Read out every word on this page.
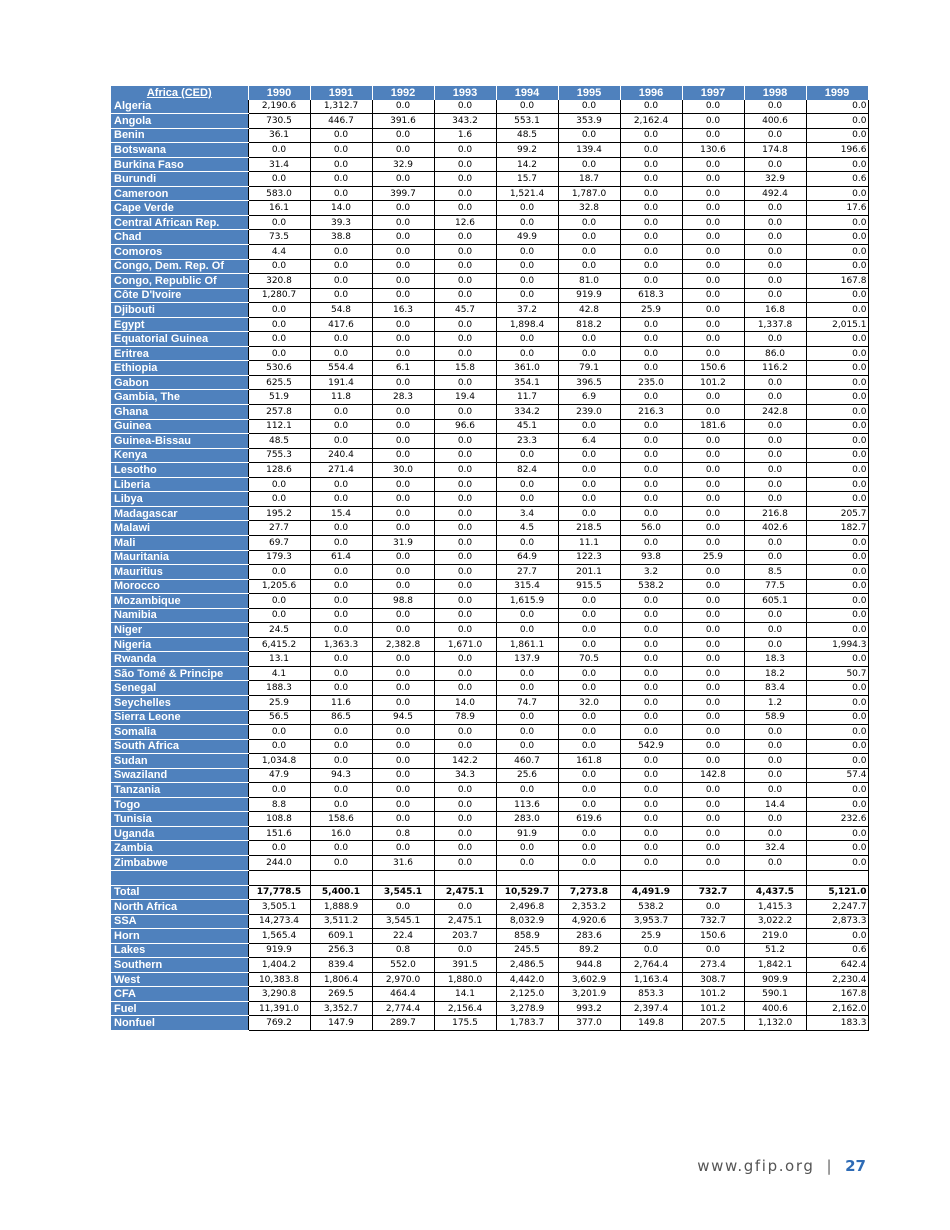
Africa (CED)	1990	1991	1992	1993	1994	1995	1996	1997	1998	1999
Algeria	2,190.6	1,312.7	0.0	0.0	0.0	0.0	0.0	0.0	0.0	0.0
Angola	730.5	446.7	391.6	343.2	553.1	353.9	2,162.4	0.0	400.6	0.0
Benin	36.1	0.0	0.0	1.6	48.5	0.0	0.0	0.0	0.0	0.0
Botswana	0.0	0.0	0.0	0.0	99.2	139.4	0.0	130.6	174.8	196.6
Burkina Faso	31.4	0.0	32.9	0.0	14.2	0.0	0.0	0.0	0.0	0.0
Burundi	0.0	0.0	0.0	0.0	15.7	18.7	0.0	0.0	32.9	0.6
Cameroon	583.0	0.0	399.7	0.0	1,521.4	1,787.0	0.0	0.0	492.4	0.0
Cape Verde	16.1	14.0	0.0	0.0	0.0	32.8	0.0	0.0	0.0	17.6
Central African Rep.	0.0	39.3	0.0	12.6	0.0	0.0	0.0	0.0	0.0	0.0
Chad	73.5	38.8	0.0	0.0	49.9	0.0	0.0	0.0	0.0	0.0
Comoros	4.4	0.0	0.0	0.0	0.0	0.0	0.0	0.0	0.0	0.0
Congo, Dem. Rep. Of	0.0	0.0	0.0	0.0	0.0	0.0	0.0	0.0	0.0	0.0
Congo, Republic Of	320.8	0.0	0.0	0.0	0.0	81.0	0.0	0.0	0.0	167.8
Côte D'Ivoire	1,280.7	0.0	0.0	0.0	0.0	919.9	618.3	0.0	0.0	0.0
Djibouti	0.0	54.8	16.3	45.7	37.2	42.8	25.9	0.0	16.8	0.0
Egypt	0.0	417.6	0.0	0.0	1,898.4	818.2	0.0	0.0	1,337.8	2,015.1
Equatorial Guinea	0.0	0.0	0.0	0.0	0.0	0.0	0.0	0.0	0.0	0.0
Eritrea	0.0	0.0	0.0	0.0	0.0	0.0	0.0	0.0	86.0	0.0
Ethiopia	530.6	554.4	6.1	15.8	361.0	79.1	0.0	150.6	116.2	0.0
Gabon	625.5	191.4	0.0	0.0	354.1	396.5	235.0	101.2	0.0	0.0
Gambia, The	51.9	11.8	28.3	19.4	11.7	6.9	0.0	0.0	0.0	0.0
Ghana	257.8	0.0	0.0	0.0	334.2	239.0	216.3	0.0	242.8	0.0
Guinea	112.1	0.0	0.0	96.6	45.1	0.0	0.0	181.6	0.0	0.0
Guinea-Bissau	48.5	0.0	0.0	0.0	23.3	6.4	0.0	0.0	0.0	0.0
Kenya	755.3	240.4	0.0	0.0	0.0	0.0	0.0	0.0	0.0	0.0
Lesotho	128.6	271.4	30.0	0.0	82.4	0.0	0.0	0.0	0.0	0.0
Liberia	0.0	0.0	0.0	0.0	0.0	0.0	0.0	0.0	0.0	0.0
Libya	0.0	0.0	0.0	0.0	0.0	0.0	0.0	0.0	0.0	0.0
Madagascar	195.2	15.4	0.0	0.0	3.4	0.0	0.0	0.0	216.8	205.7
Malawi	27.7	0.0	0.0	0.0	4.5	218.5	56.0	0.0	402.6	182.7
Mali	69.7	0.0	31.9	0.0	0.0	11.1	0.0	0.0	0.0	0.0
Mauritania	179.3	61.4	0.0	0.0	64.9	122.3	93.8	25.9	0.0	0.0
Mauritius	0.0	0.0	0.0	0.0	27.7	201.1	3.2	0.0	8.5	0.0
Morocco	1,205.6	0.0	0.0	0.0	315.4	915.5	538.2	0.0	77.5	0.0
Mozambique	0.0	0.0	98.8	0.0	1,615.9	0.0	0.0	0.0	605.1	0.0
Namibia	0.0	0.0	0.0	0.0	0.0	0.0	0.0	0.0	0.0	0.0
Niger	24.5	0.0	0.0	0.0	0.0	0.0	0.0	0.0	0.0	0.0
Nigeria	6,415.2	1,363.3	2,382.8	1,671.0	1,861.1	0.0	0.0	0.0	0.0	1,994.3
Rwanda	13.1	0.0	0.0	0.0	137.9	70.5	0.0	0.0	18.3	0.0
São Tomé & Principe	4.1	0.0	0.0	0.0	0.0	0.0	0.0	0.0	18.2	50.7
Senegal	188.3	0.0	0.0	0.0	0.0	0.0	0.0	0.0	83.4	0.0
Seychelles	25.9	11.6	0.0	14.0	74.7	32.0	0.0	0.0	1.2	0.0
Sierra Leone	56.5	86.5	94.5	78.9	0.0	0.0	0.0	0.0	58.9	0.0
Somalia	0.0	0.0	0.0	0.0	0.0	0.0	0.0	0.0	0.0	0.0
South Africa	0.0	0.0	0.0	0.0	0.0	0.0	542.9	0.0	0.0	0.0
Sudan	1,034.8	0.0	0.0	142.2	460.7	161.8	0.0	0.0	0.0	0.0
Swaziland	47.9	94.3	0.0	34.3	25.6	0.0	0.0	142.8	0.0	57.4
Tanzania	0.0	0.0	0.0	0.0	0.0	0.0	0.0	0.0	0.0	0.0
Togo	8.8	0.0	0.0	0.0	113.6	0.0	0.0	0.0	14.4	0.0
Tunisia	108.8	158.6	0.0	0.0	283.0	619.6	0.0	0.0	0.0	232.6
Uganda	151.6	16.0	0.8	0.0	91.9	0.0	0.0	0.0	0.0	0.0
Zambia	0.0	0.0	0.0	0.0	0.0	0.0	0.0	0.0	32.4	0.0
Zimbabwe	244.0	0.0	31.6	0.0	0.0	0.0	0.0	0.0	0.0	0.0

Total	17,778.5	5,400.1	3,545.1	2,475.1	10,529.7	7,273.8	4,491.9	732.7	4,437.5	5,121.0
North Africa	3,505.1	1,888.9	0.0	0.0	2,496.8	2,353.2	538.2	0.0	1,415.3	2,247.7
SSA	14,273.4	3,511.2	3,545.1	2,475.1	8,032.9	4,920.6	3,953.7	732.7	3,022.2	2,873.3
Horn	1,565.4	609.1	22.4	203.7	858.9	283.6	25.9	150.6	219.0	0.0
Lakes	919.9	256.3	0.8	0.0	245.5	89.2	0.0	0.0	51.2	0.6
Southern	1,404.2	839.4	552.0	391.5	2,486.5	944.8	2,764.4	273.4	1,842.1	642.4
West	10,383.8	1,806.4	2,970.0	1,880.0	4,442.0	3,602.9	1,163.4	308.7	909.9	2,230.4
CFA	3,290.8	269.5	464.4	14.1	2,125.0	3,201.9	853.3	101.2	590.1	167.8
Fuel	11,391.0	3,352.7	2,774.4	2,156.4	3,278.9	993.2	2,397.4	101.2	400.6	2,162.0
Nonfuel	769.2	147.9	289.7	175.5	1,783.7	377.0	149.8	207.5	1,132.0	183.3
www.gfip.org | 27
